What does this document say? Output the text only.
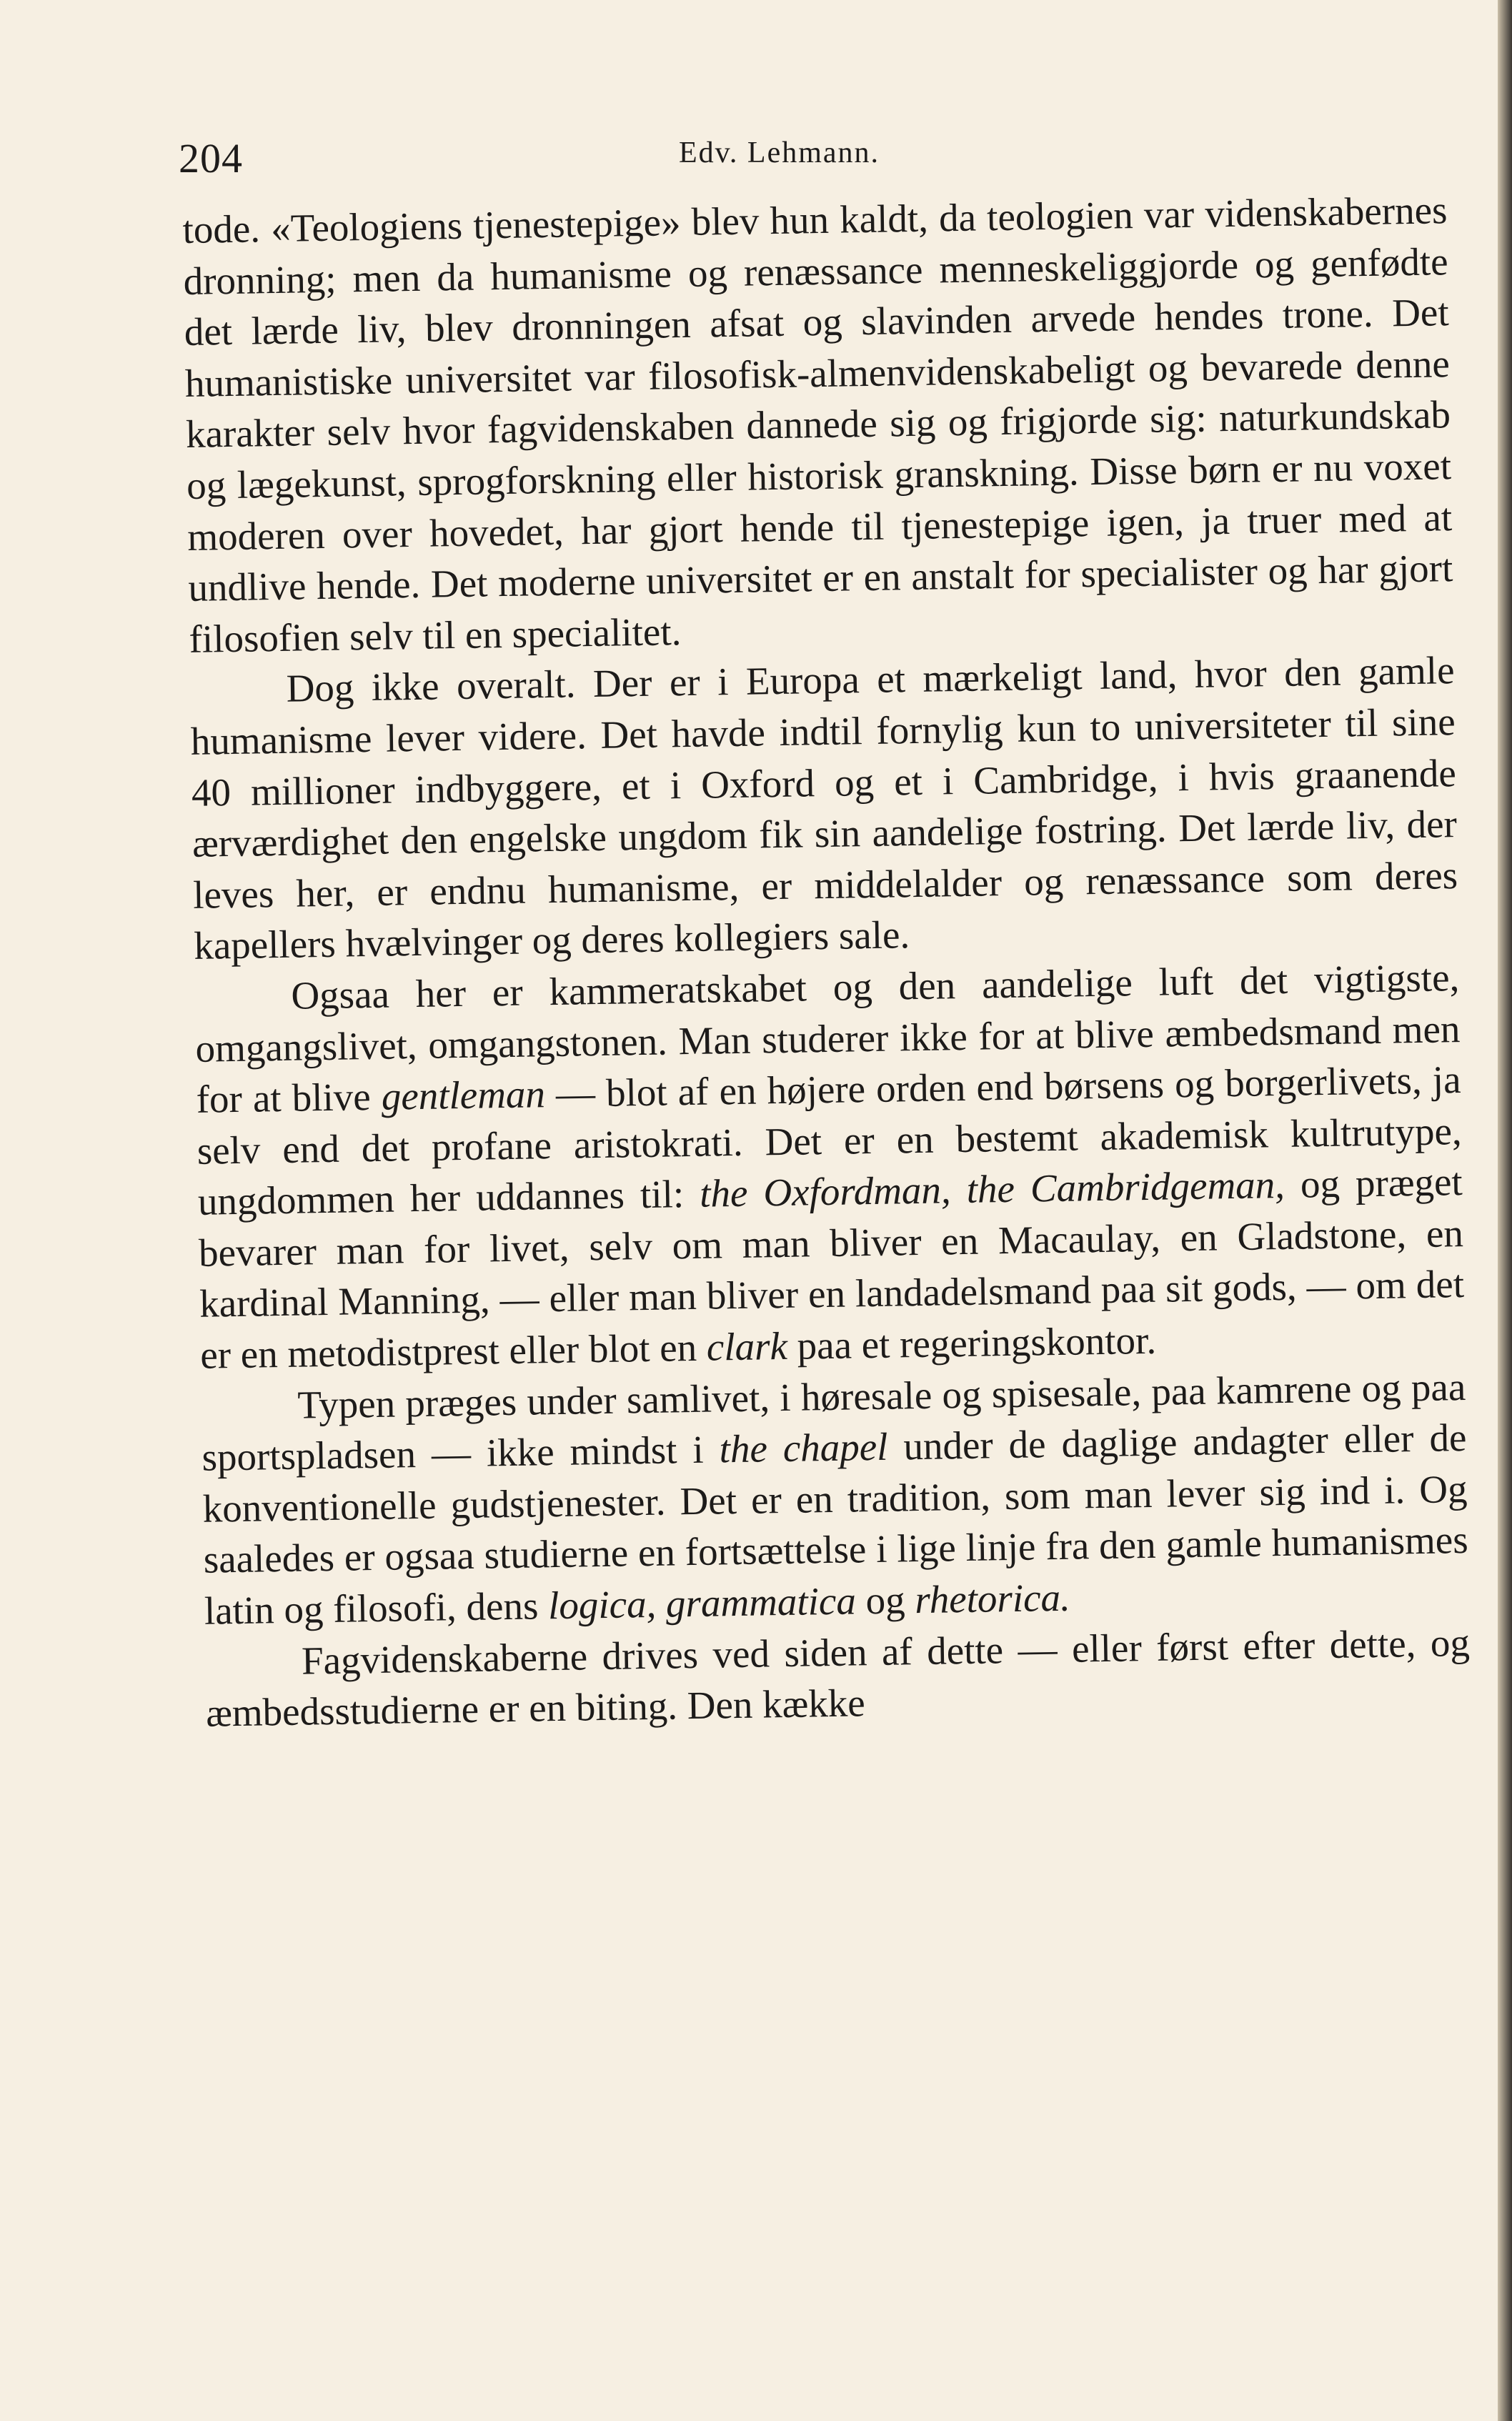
204	Edv. Lehmann.

tode. «Teologiens tjenestepige» blev hun kaldt, da teologien var videnskabernes dronning; men da humanisme og renæssance menneskeliggjorde og genfødte det lærde liv, blev dronningen afsat og slavinden arvede hendes trone. Det humanistiske universitet var filosofisk-almenvidenskabeligt og bevarede denne karakter selv hvor fagvidenskaben dannede sig og frigjorde sig: naturkundskab og lægekunst, sprogforskning eller historisk granskning. Disse børn er nu voxet moderen over hovedet, har gjort hende til tjenestepige igen, ja truer med at undlive hende. Det moderne universitet er en anstalt for specialister og har gjort filosofien selv til en specialitet.

Dog ikke overalt. Der er i Europa et mærkeligt land, hvor den gamle humanisme lever videre. Det havde indtil fornylig kun to universiteter til sine 40 millioner indbyggere, et i Oxford og et i Cambridge, i hvis graanende ærværdighet den engelske ungdom fik sin aandelige fostring. Det lærde liv, der leves her, er endnu humanisme, er middelalder og renæssance som deres kapellers hvælvinger og deres kollegiers sale.

Ogsaa her er kammeratskabet og den aandelige luft det vigtigste, omgangslivet, omgangstonen. Man studerer ikke for at blive æmbedsmand men for at blive gentleman — blot af en højere orden end børsens og borgerlivets, ja selv end det profane aristokrati. Det er en bestemt akademisk kultrutype, ungdommen her uddannes til: the Oxfordman, the Cambridgeman, og præget bevarer man for livet, selv om man bliver en Macaulay, en Gladstone, en kardinal Manning, — eller man bliver en landadelsmand paa sit gods, — om det er en metodistprest eller blot en clark paa et regeringskontor.

Typen præges under samlivet, i høresale og spisesale, paa kamrene og paa sportspladsen — ikke mindst i the chapel under de daglige andagter eller de konventionelle gudstjenester. Det er en tradition, som man lever sig ind i. Og saaledes er ogsaa studierne en fortsættelse i lige linje fra den gamle humanismes latin og filosofi, dens logica, grammatica og rhetorica.

Fagvidenskaberne drives ved siden af dette — eller først efter dette, og æmbedsstudierne er en biting. Den kække
